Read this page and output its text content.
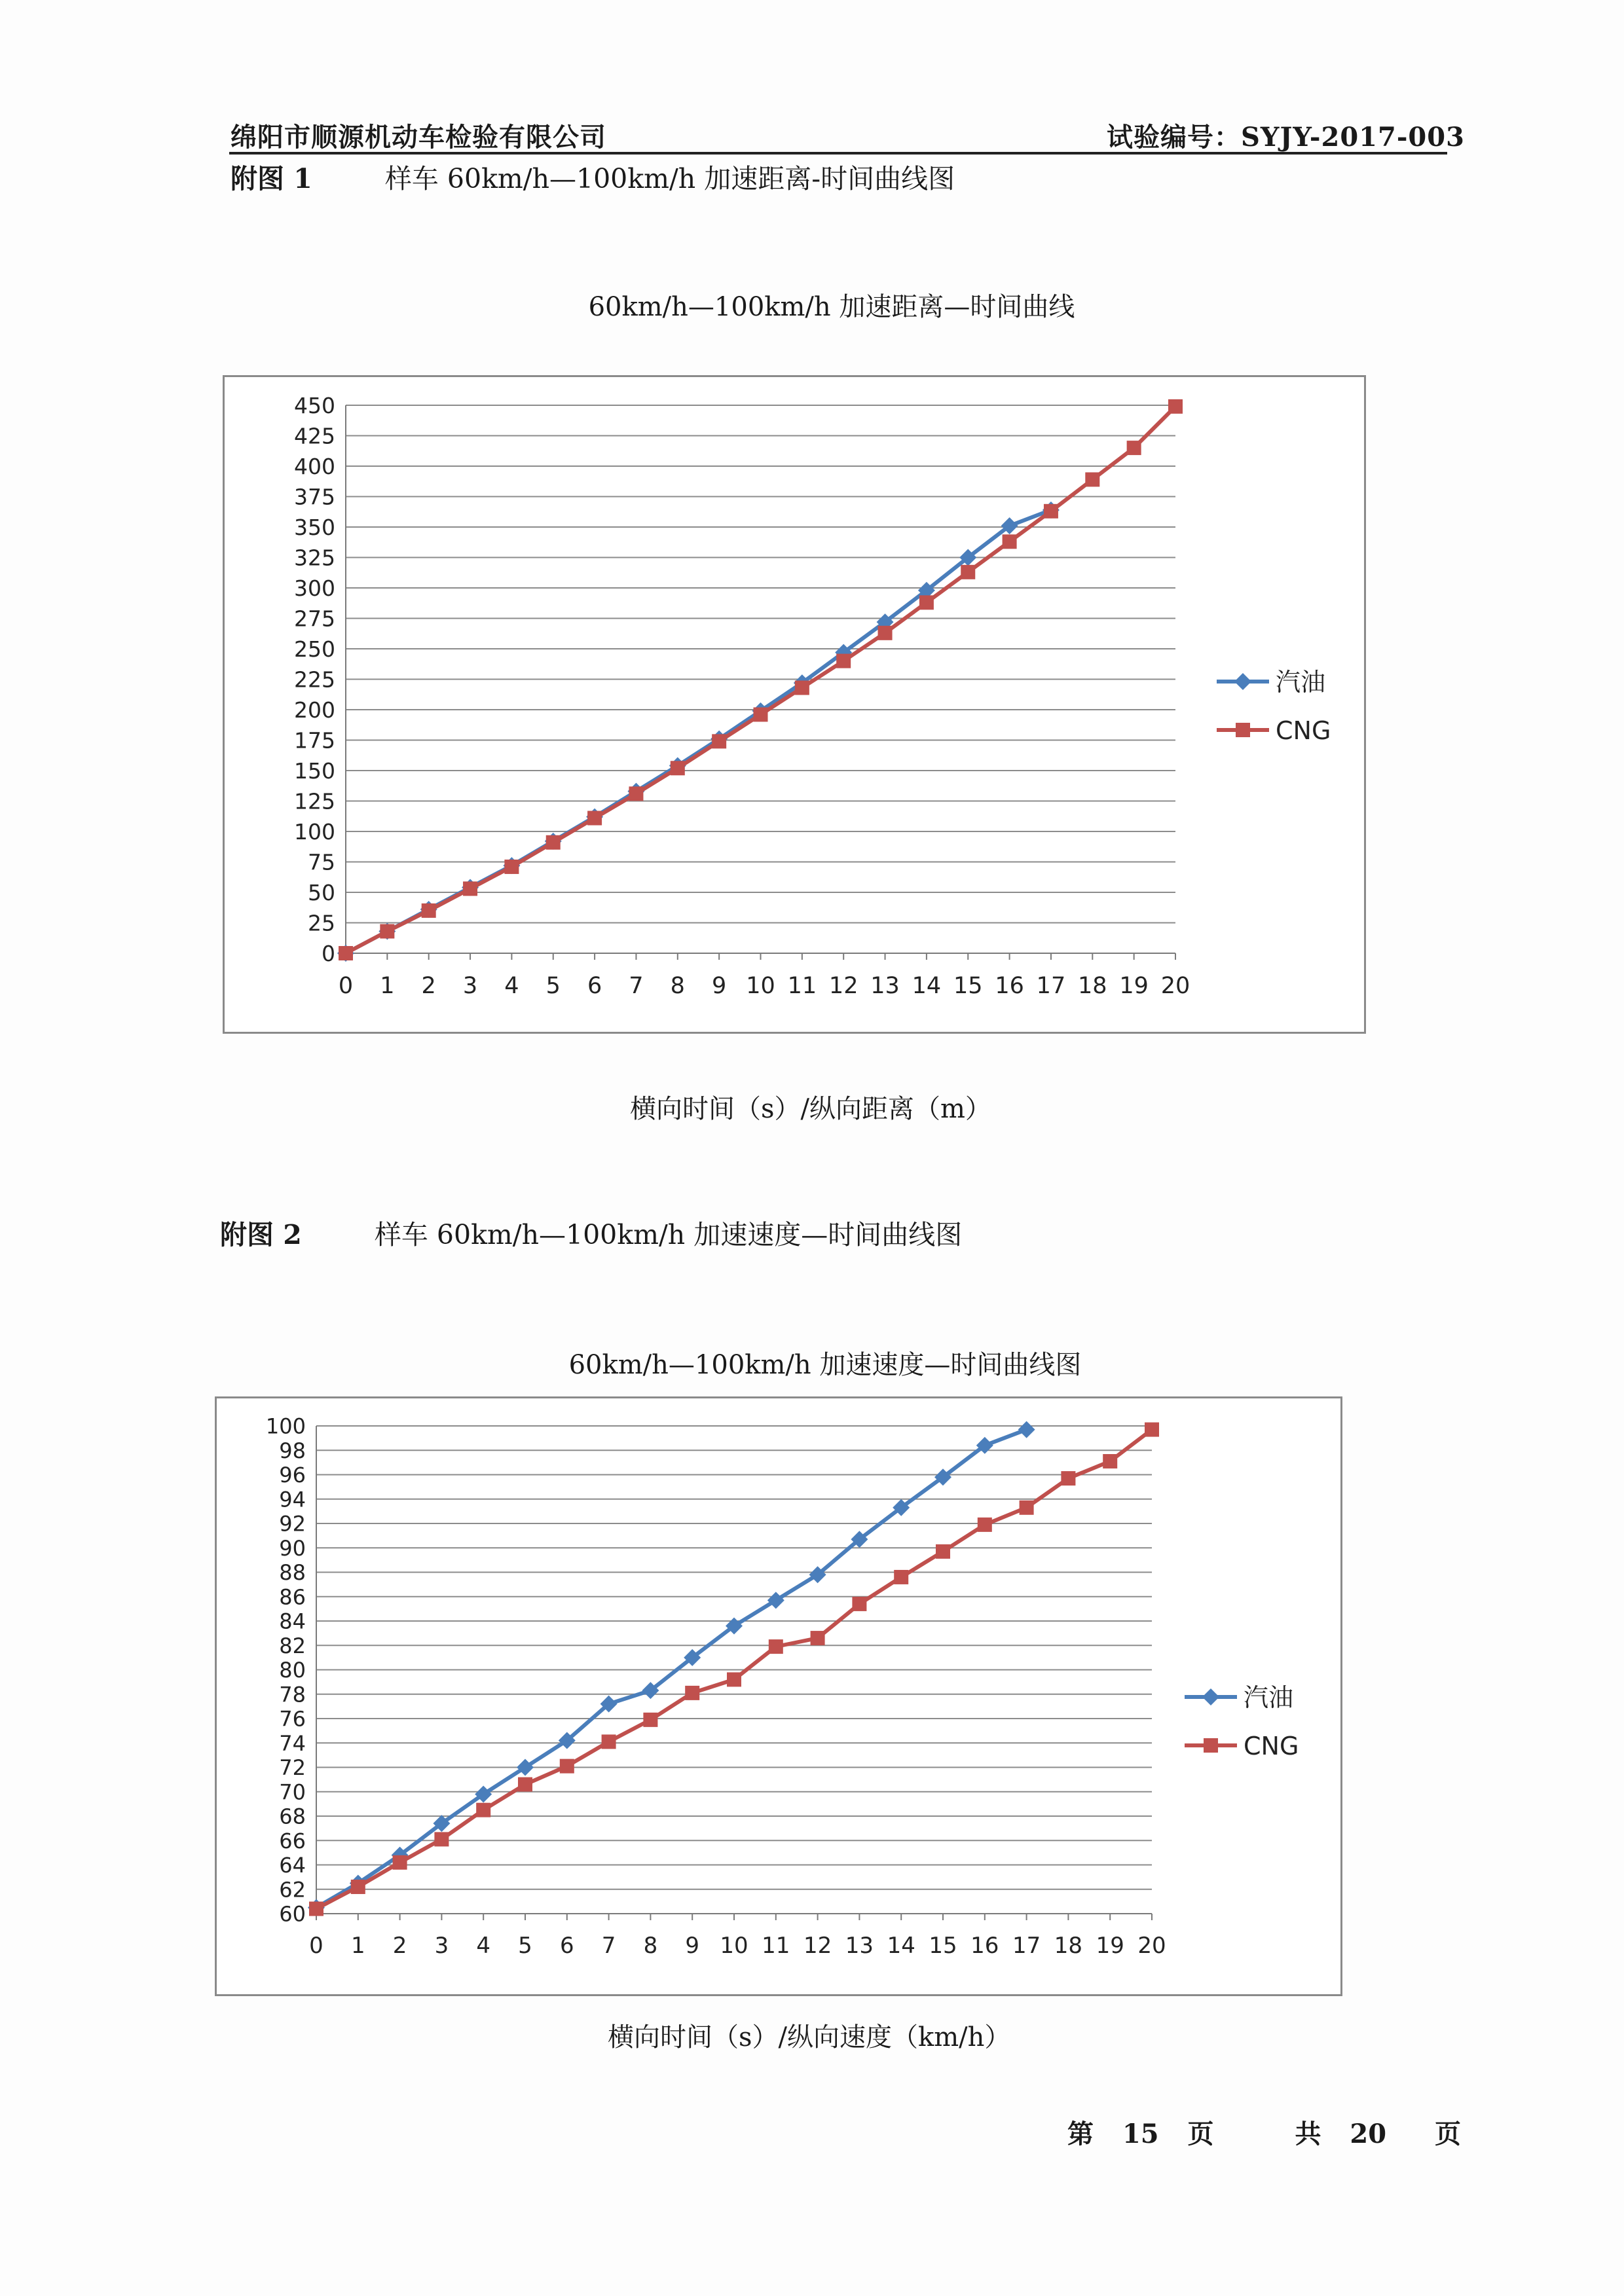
绵阳市顺源机动车检验有限公司	试验编号：SYJY-2017-003
附图 1	样车 60km/h—100km/h 加速距离-时间曲线图
60km/h—100km/h 加速距离—时间曲线
0
25
50
75
100
125
150
175
200
225
250
275
300
325
350
375
400
425
450
0 1 2 3 4 5 6 7 8 9 10 11 12 13 14 15 16 17 18 19 20
汽油
CNG
横向时间（s）/纵向距离（m）
附图 2	样车 60km/h—100km/h 加速速度—时间曲线图
60km/h—100km/h 加速速度—时间曲线图
60
62
64
66
68
70
72
74
76
78
80
82
84
86
88
90
92
94
96
98
100
0 1 2 3 4 5 6 7 8 9 10 11 12 13 14 15 16 17 18 19 20
汽油
CNG
横向时间（s）/纵向速度（km/h）
第 15 页	共 20 页
